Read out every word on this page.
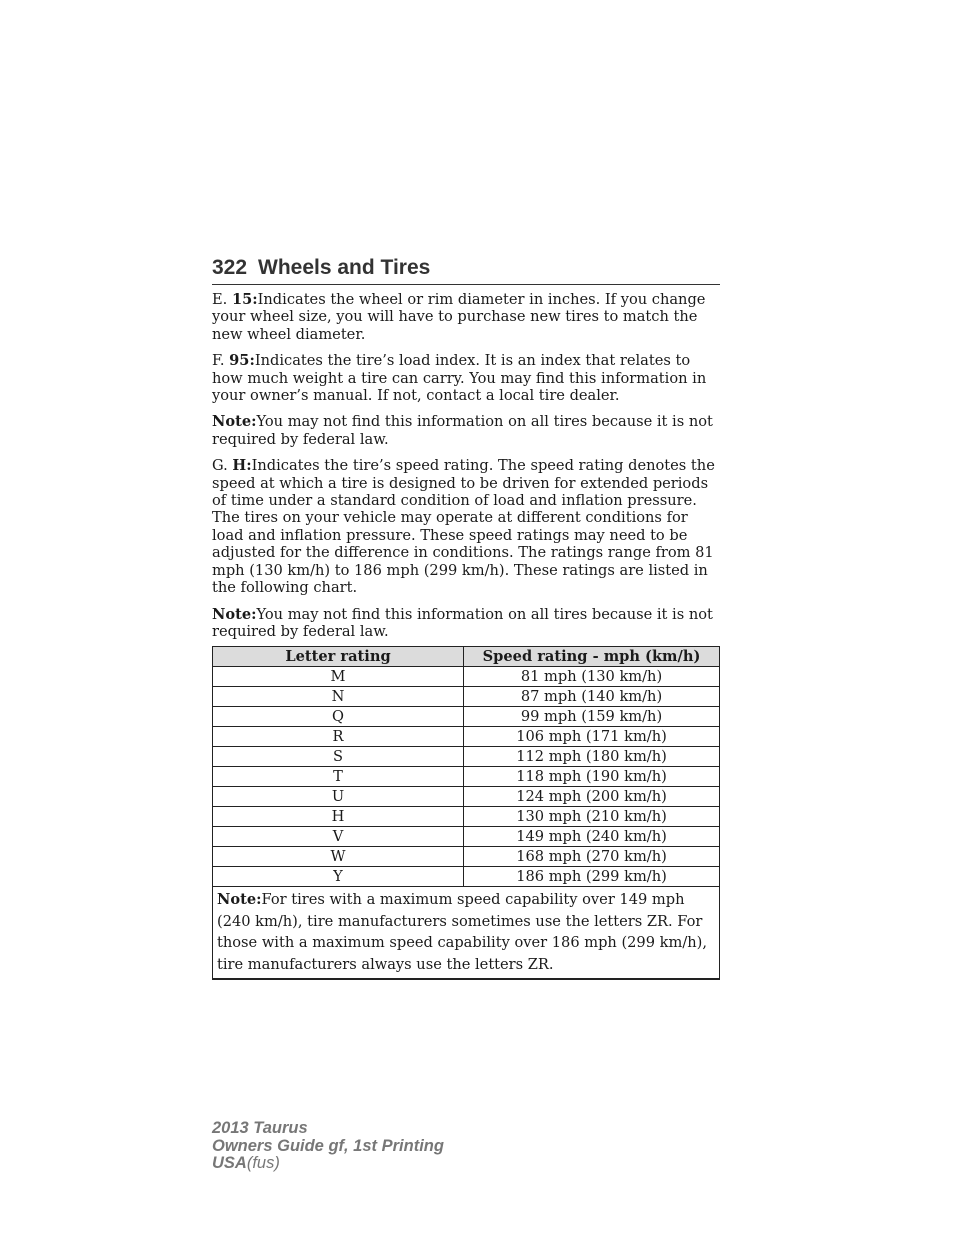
322 Wheels and Tires

E. 15:Indicates the wheel or rim diameter in inches. If you change your wheel size, you will have to purchase new tires to match the new wheel diameter.

F. 95:Indicates the tire’s load index. It is an index that relates to how much weight a tire can carry. You may find this information in your owner’s manual. If not, contact a local tire dealer.

Note:You may not find this information on all tires because it is not required by federal law.

G. H:Indicates the tire’s speed rating. The speed rating denotes the speed at which a tire is designed to be driven for extended periods of time under a standard condition of load and inflation pressure. The tires on your vehicle may operate at different conditions for load and inflation pressure. These speed ratings may need to be adjusted for the difference in conditions. The ratings range from 81 mph (130 km/h) to 186 mph (299 km/h). These ratings are listed in the following chart.

Note:You may not find this information on all tires because it is not required by federal law.

Letter rating	Speed rating - mph (km/h)
M	81 mph (130 km/h)
N	87 mph (140 km/h)
Q	99 mph (159 km/h)
R	106 mph (171 km/h)
S	112 mph (180 km/h)
T	118 mph (190 km/h)
U	124 mph (200 km/h)
H	130 mph (210 km/h)
V	149 mph (240 km/h)
W	168 mph (270 km/h)
Y	186 mph (299 km/h)
Note:For tires with a maximum speed capability over 149 mph (240 km/h), tire manufacturers sometimes use the letters ZR. For those with a maximum speed capability over 186 mph (299 km/h), tire manufacturers always use the letters ZR.	
2013 Taurus
Owners Guide gf, 1st Printing
USA(fus)
